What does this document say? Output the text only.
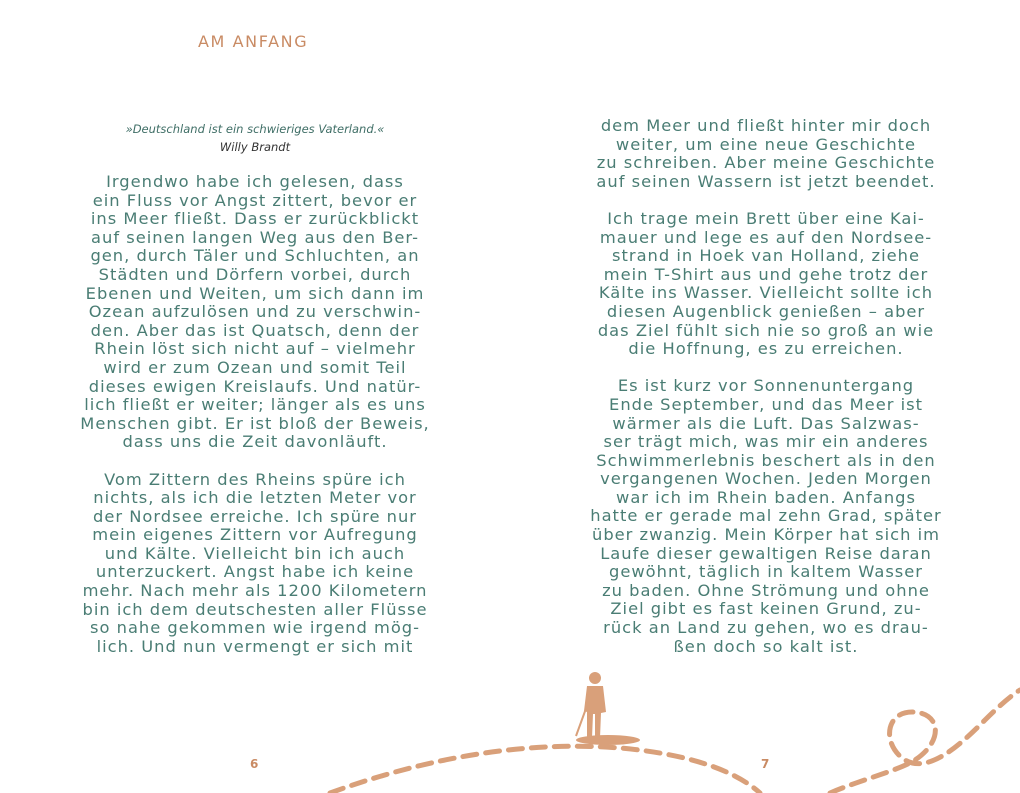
AM ANFANG
»Deutschland ist ein schwieriges Vaterland.«
Willy Brandt
Irgendwo habe ich gelesen, dass
ein Fluss vor Angst zittert, bevor er
ins Meer fließt. Dass er zurückblickt
auf seinen langen Weg aus den Ber-
gen, durch Täler und Schluchten, an
Städten und Dörfern vorbei, durch
Ebenen und Weiten, um sich dann im
Ozean aufzulösen und zu verschwin-
den. Aber das ist Quatsch, denn der
Rhein löst sich nicht auf – vielmehr
wird er zum Ozean und somit Teil
dieses ewigen Kreislaufs. Und natür-
lich fließt er weiter; länger als es uns
Menschen gibt. Er ist bloß der Beweis,
dass uns die Zeit davonläuft.
Vom Zittern des Rheins spüre ich
nichts, als ich die letzten Meter vor
der Nordsee erreiche. Ich spüre nur
mein eigenes Zittern vor Aufregung
und Kälte. Vielleicht bin ich auch
unterzuckert. Angst habe ich keine
mehr. Nach mehr als 1200 Kilometern
bin ich dem deutschesten aller Flüsse
so nahe gekommen wie irgend mög-
lich. Und nun vermengt er sich mit
dem Meer und fließt hinter mir doch
weiter, um eine neue Geschichte
zu schreiben. Aber meine Geschichte
auf seinen Wassern ist jetzt beendet.
Ich trage mein Brett über eine Kai-
mauer und lege es auf den Nordsee-
strand in Hoek van Holland, ziehe
mein T-Shirt aus und gehe trotz der
Kälte ins Wasser. Vielleicht sollte ich
diesen Augenblick genießen – aber
das Ziel fühlt sich nie so groß an wie
die Hoffnung, es zu erreichen.
Es ist kurz vor Sonnenuntergang
Ende September, und das Meer ist
wärmer als die Luft. Das Salzwas-
ser trägt mich, was mir ein anderes
Schwimmerlebnis beschert als in den
vergangenen Wochen. Jeden Morgen
war ich im Rhein baden. Anfangs
hatte er gerade mal zehn Grad, später
über zwanzig. Mein Körper hat sich im
Laufe dieser gewaltigen Reise daran
gewöhnt, täglich in kaltem Wasser
zu baden. Ohne Strömung und ohne
Ziel gibt es fast keinen Grund, zu-
rück an Land zu gehen, wo es drau-
ßen doch so kalt ist.
6	7
